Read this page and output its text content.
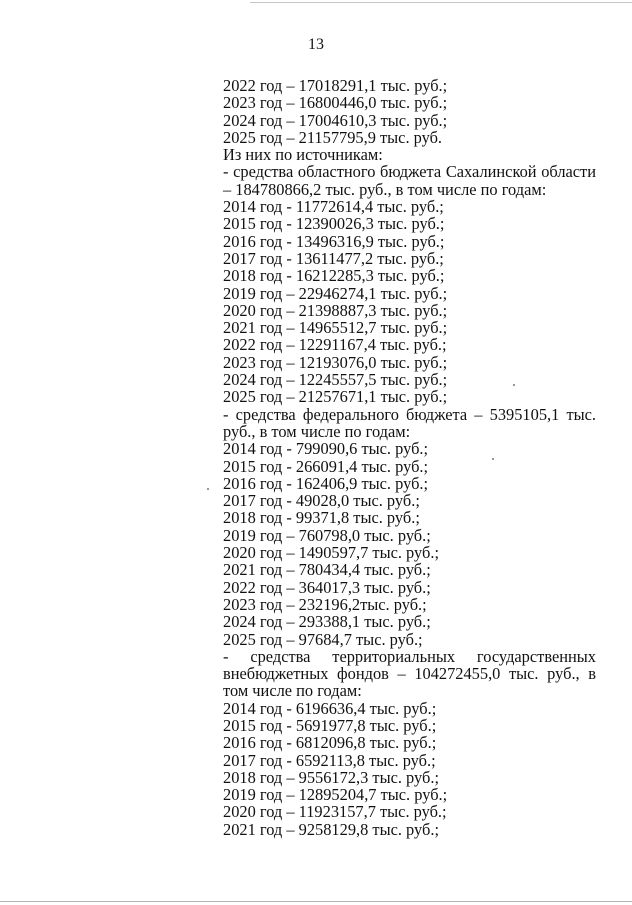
13
2022 год – 17018291,1 тыс. руб.;
2023 год – 16800446,0 тыс. руб.;
2024 год – 17004610,3 тыс. руб.;
2025 год – 21157795,9 тыс. руб.
Из них по источникам:
- средства областного бюджета Сахалинской области – 184780866,2 тыс. руб., в том числе по годам:
2014 год - 11772614,4 тыс. руб.;
2015 год - 12390026,3 тыс. руб.;
2016 год - 13496316,9 тыс. руб.;
2017 год - 13611477,2 тыс. руб.;
2018 год - 16212285,3 тыс. руб.;
2019 год – 22946274,1 тыс. руб.;
2020 год – 21398887,3 тыс. руб.;
2021 год – 14965512,7 тыс. руб.;
2022 год – 12291167,4 тыс. руб.;
2023 год – 12193076,0 тыс. руб.;
2024 год – 12245557,5 тыс. руб.;
2025 год – 21257671,1 тыс. руб.;
- средства федерального бюджета – 5395105,1 тыс. руб., в том числе по годам:
2014 год - 799090,6 тыс. руб.;
2015 год - 266091,4 тыс. руб.;
2016 год - 162406,9 тыс. руб.;
2017 год - 49028,0 тыс. руб.;
2018 год - 99371,8 тыс. руб.;
2019 год – 760798,0 тыс. руб.;
2020 год – 1490597,7 тыс. руб.;
2021 год – 780434,4 тыс. руб.;
2022 год – 364017,3 тыс. руб.;
2023 год – 232196,2тыс. руб.;
2024 год – 293388,1 тыс. руб.;
2025 год – 97684,7 тыс. руб.;
- средства территориальных государственных внебюджетных фондов – 104272455,0 тыс. руб., в том числе по годам:
2014 год - 6196636,4 тыс. руб.;
2015 год - 5691977,8 тыс. руб.;
2016 год - 6812096,8 тыс. руб.;
2017 год - 6592113,8 тыс. руб.;
2018 год – 9556172,3 тыс. руб.;
2019 год – 12895204,7 тыс. руб.;
2020 год – 11923157,7 тыс. руб.;
2021 год – 9258129,8 тыс. руб.;
